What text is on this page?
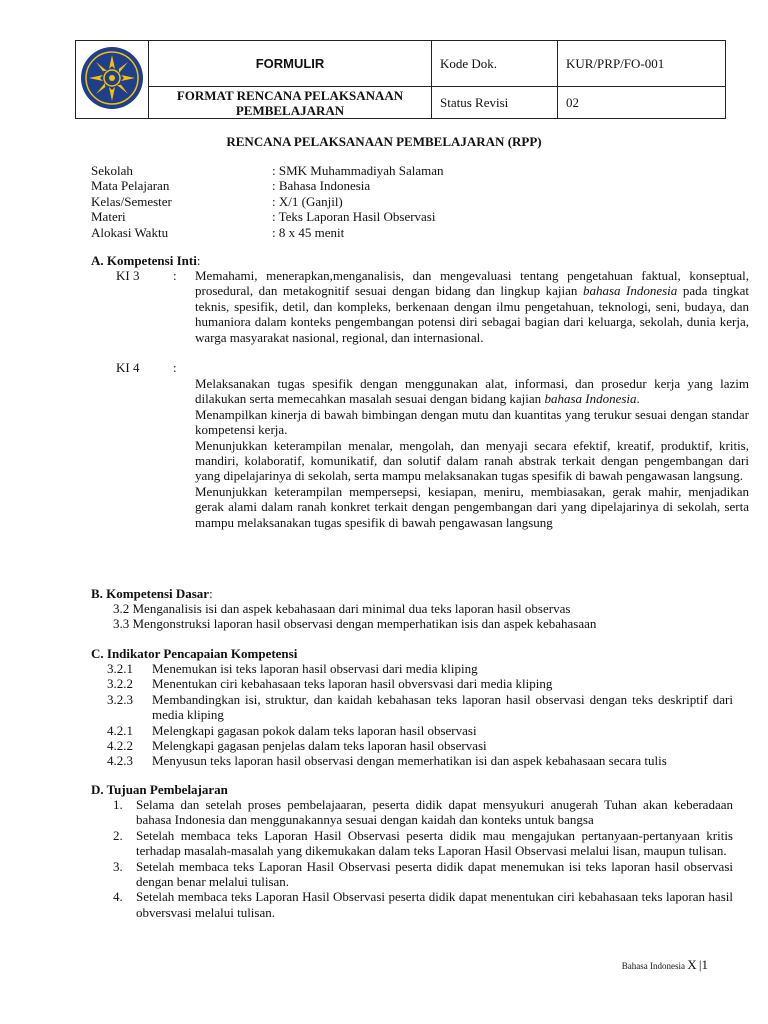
	FORMULIR	Kode Dok.	KUR/PRP/FO-001

	FORMAT RENCANA PELAKSANAAN
PEMBELAJARAN	Status Revisi	02
RENCANA PELAKSANAAN PEMBELAJARAN (RPP)
Sekolah	: SMK Muhammadiyah Salaman
Mata Pelajaran	: Bahasa Indonesia
Kelas/Semester	: X/1 (Ganjil)
Materi	: Teks Laporan Hasil Observasi
Alokasi Waktu	: 8 x 45 menit
A. Kompetensi Inti:
KI 3	: Memahami, menerapkan,menganalisis, dan mengevaluasi tentang pengetahuan faktual, konseptual, prosedural, dan metakognitif sesuai dengan bidang dan lingkup kajian bahasa Indonesia pada tingkat teknis, spesifik, detil, dan kompleks, berkenaan dengan ilmu pengetahuan, teknologi, seni, budaya, dan humaniora dalam konteks pengembangan potensi diri sebagai bagian dari keluarga, sekolah, dunia kerja, warga masyarakat nasional, regional, dan internasional.
KI 4	:
Melaksanakan tugas spesifik dengan menggunakan alat, informasi, dan prosedur kerja yang lazim dilakukan serta memecahkan masalah sesuai dengan bidang kajian bahasa Indonesia.
Menampilkan kinerja di bawah bimbingan dengan mutu dan kuantitas yang terukur sesuai dengan standar kompetensi kerja.
Menunjukkan keterampilan menalar, mengolah, dan menyaji secara efektif, kreatif, produktif, kritis, mandiri, kolaboratif, komunikatif, dan solutif dalam ranah abstrak terkait dengan pengembangan dari yang dipelajarinya di sekolah, serta mampu melaksanakan tugas spesifik di bawah pengawasan langsung.
Menunjukkan keterampilan mempersepsi, kesiapan, meniru, membiasakan, gerak mahir, menjadikan gerak alami dalam ranah konkret terkait dengan pengembangan dari yang dipelajarinya di sekolah, serta mampu melaksanakan tugas spesifik di bawah pengawasan langsung
B. Kompetensi Dasar:
3.2 Menganalisis isi dan aspek kebahasaan dari minimal dua teks laporan hasil observas
3.3 Mengonstruksi laporan hasil observasi dengan memperhatikan isis dan aspek kebahasaan
C. Indikator Pencapaian Kompetensi
3.2.1	Menemukan isi teks laporan hasil observasi dari media kliping
3.2.2	Menentukan ciri kebahasaan teks laporan hasil obversvasi dari media kliping
3.2.3	Membandingkan isi, struktur, dan kaidah kebahasan teks laporan hasil observasi dengan teks deskriptif dari media kliping
4.2.1	Melengkapi gagasan pokok dalam teks laporan hasil observasi
4.2.2	Melengkapi gagasan penjelas dalam teks laporan hasil observasi
4.2.3	Menyusun teks laporan hasil observasi dengan memerhatikan isi dan aspek kebahasaan secara tulis
D. Tujuan Pembelajaran
1.	Selama dan setelah proses pembelajaaran, peserta didik dapat mensyukuri anugerah Tuhan akan keberadaan bahasa Indonesia dan menggunakannya sesuai dengan kaidah dan konteks untuk bangsa
2.	Setelah membaca teks Laporan Hasil Observasi peserta didik mau mengajukan pertanyaan-pertanyaan kritis terhadap masalah-masalah yang dikemukakan dalam teks Laporan Hasil Observasi melalui lisan, maupun tulisan.
3.	Setelah membaca teks Laporan Hasil Observasi peserta didik dapat menemukan isi teks laporan hasil observasi dengan benar melalui tulisan.
4.	Setelah membaca teks Laporan Hasil Observasi peserta didik dapat menentukan ciri kebahasaan teks laporan hasil obversvasi melalui tulisan.
Bahasa Indonesia X |1
